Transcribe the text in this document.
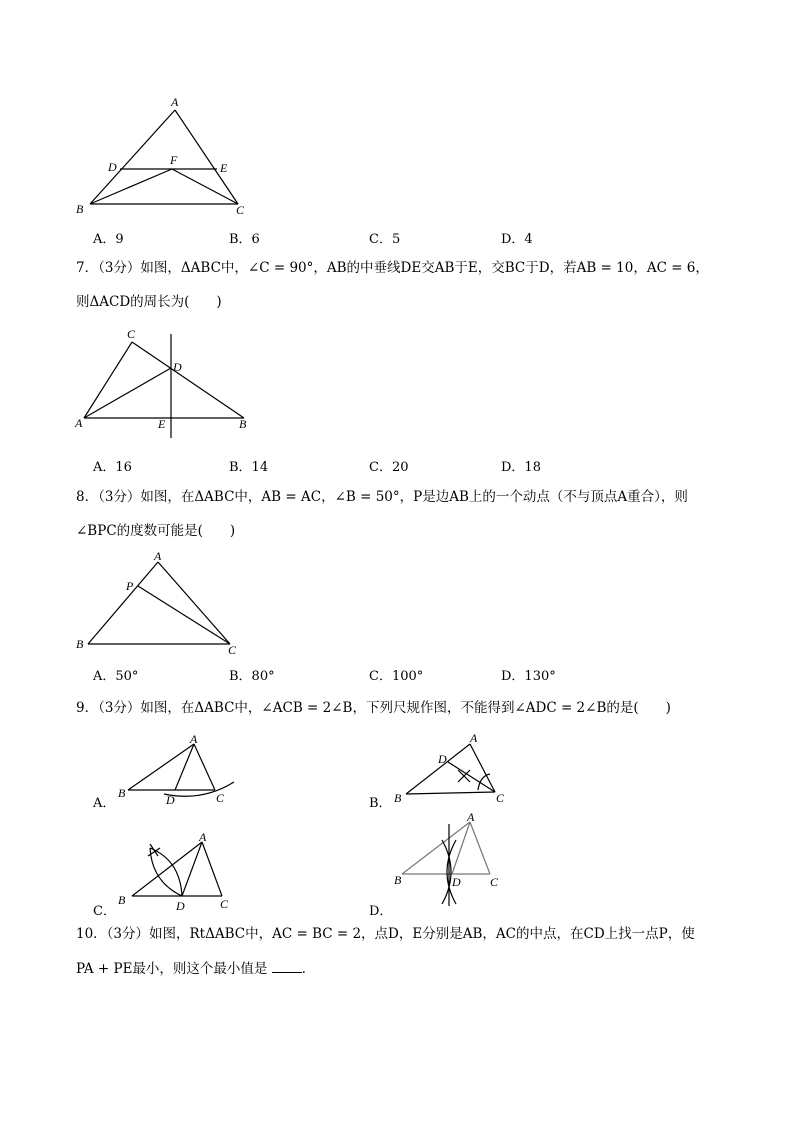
A
D	F
E
B	C
A．9	B．6	C．5	D．4
7．（3分）如图，ΔABC中，∠C = 90°，AB的中垂线DE交AB于E，交BC于D，若AB = 10，AC = 6，
则ΔACD的周长为(　　)
C
D
A	E	B
A．16	B．14	C．20	D．18
8．（3分）如图，在ΔABC中，AB = AC，∠B = 50°，P是边AB上的一个动点（不与顶点A重合），则
∠BPC的度数可能是(　　)
A
P
B	C
A．50°	B．80°	C．100°	D．130°
9．（3分）如图，在ΔABC中，∠ACB = 2∠B，下列尺规作图，不能得到∠ADC = 2∠B的是(　　)
A．
A
B	D	C	B．
A
D
B	C
C．
A
B	D	C	D．
A
B	D C
10．（3分）如图，RtΔABC中，AC = BC = 2，点D，E分别是AB，AC的中点，在CD上找一点P，使
PA + PE最小，则这个最小值是	．
